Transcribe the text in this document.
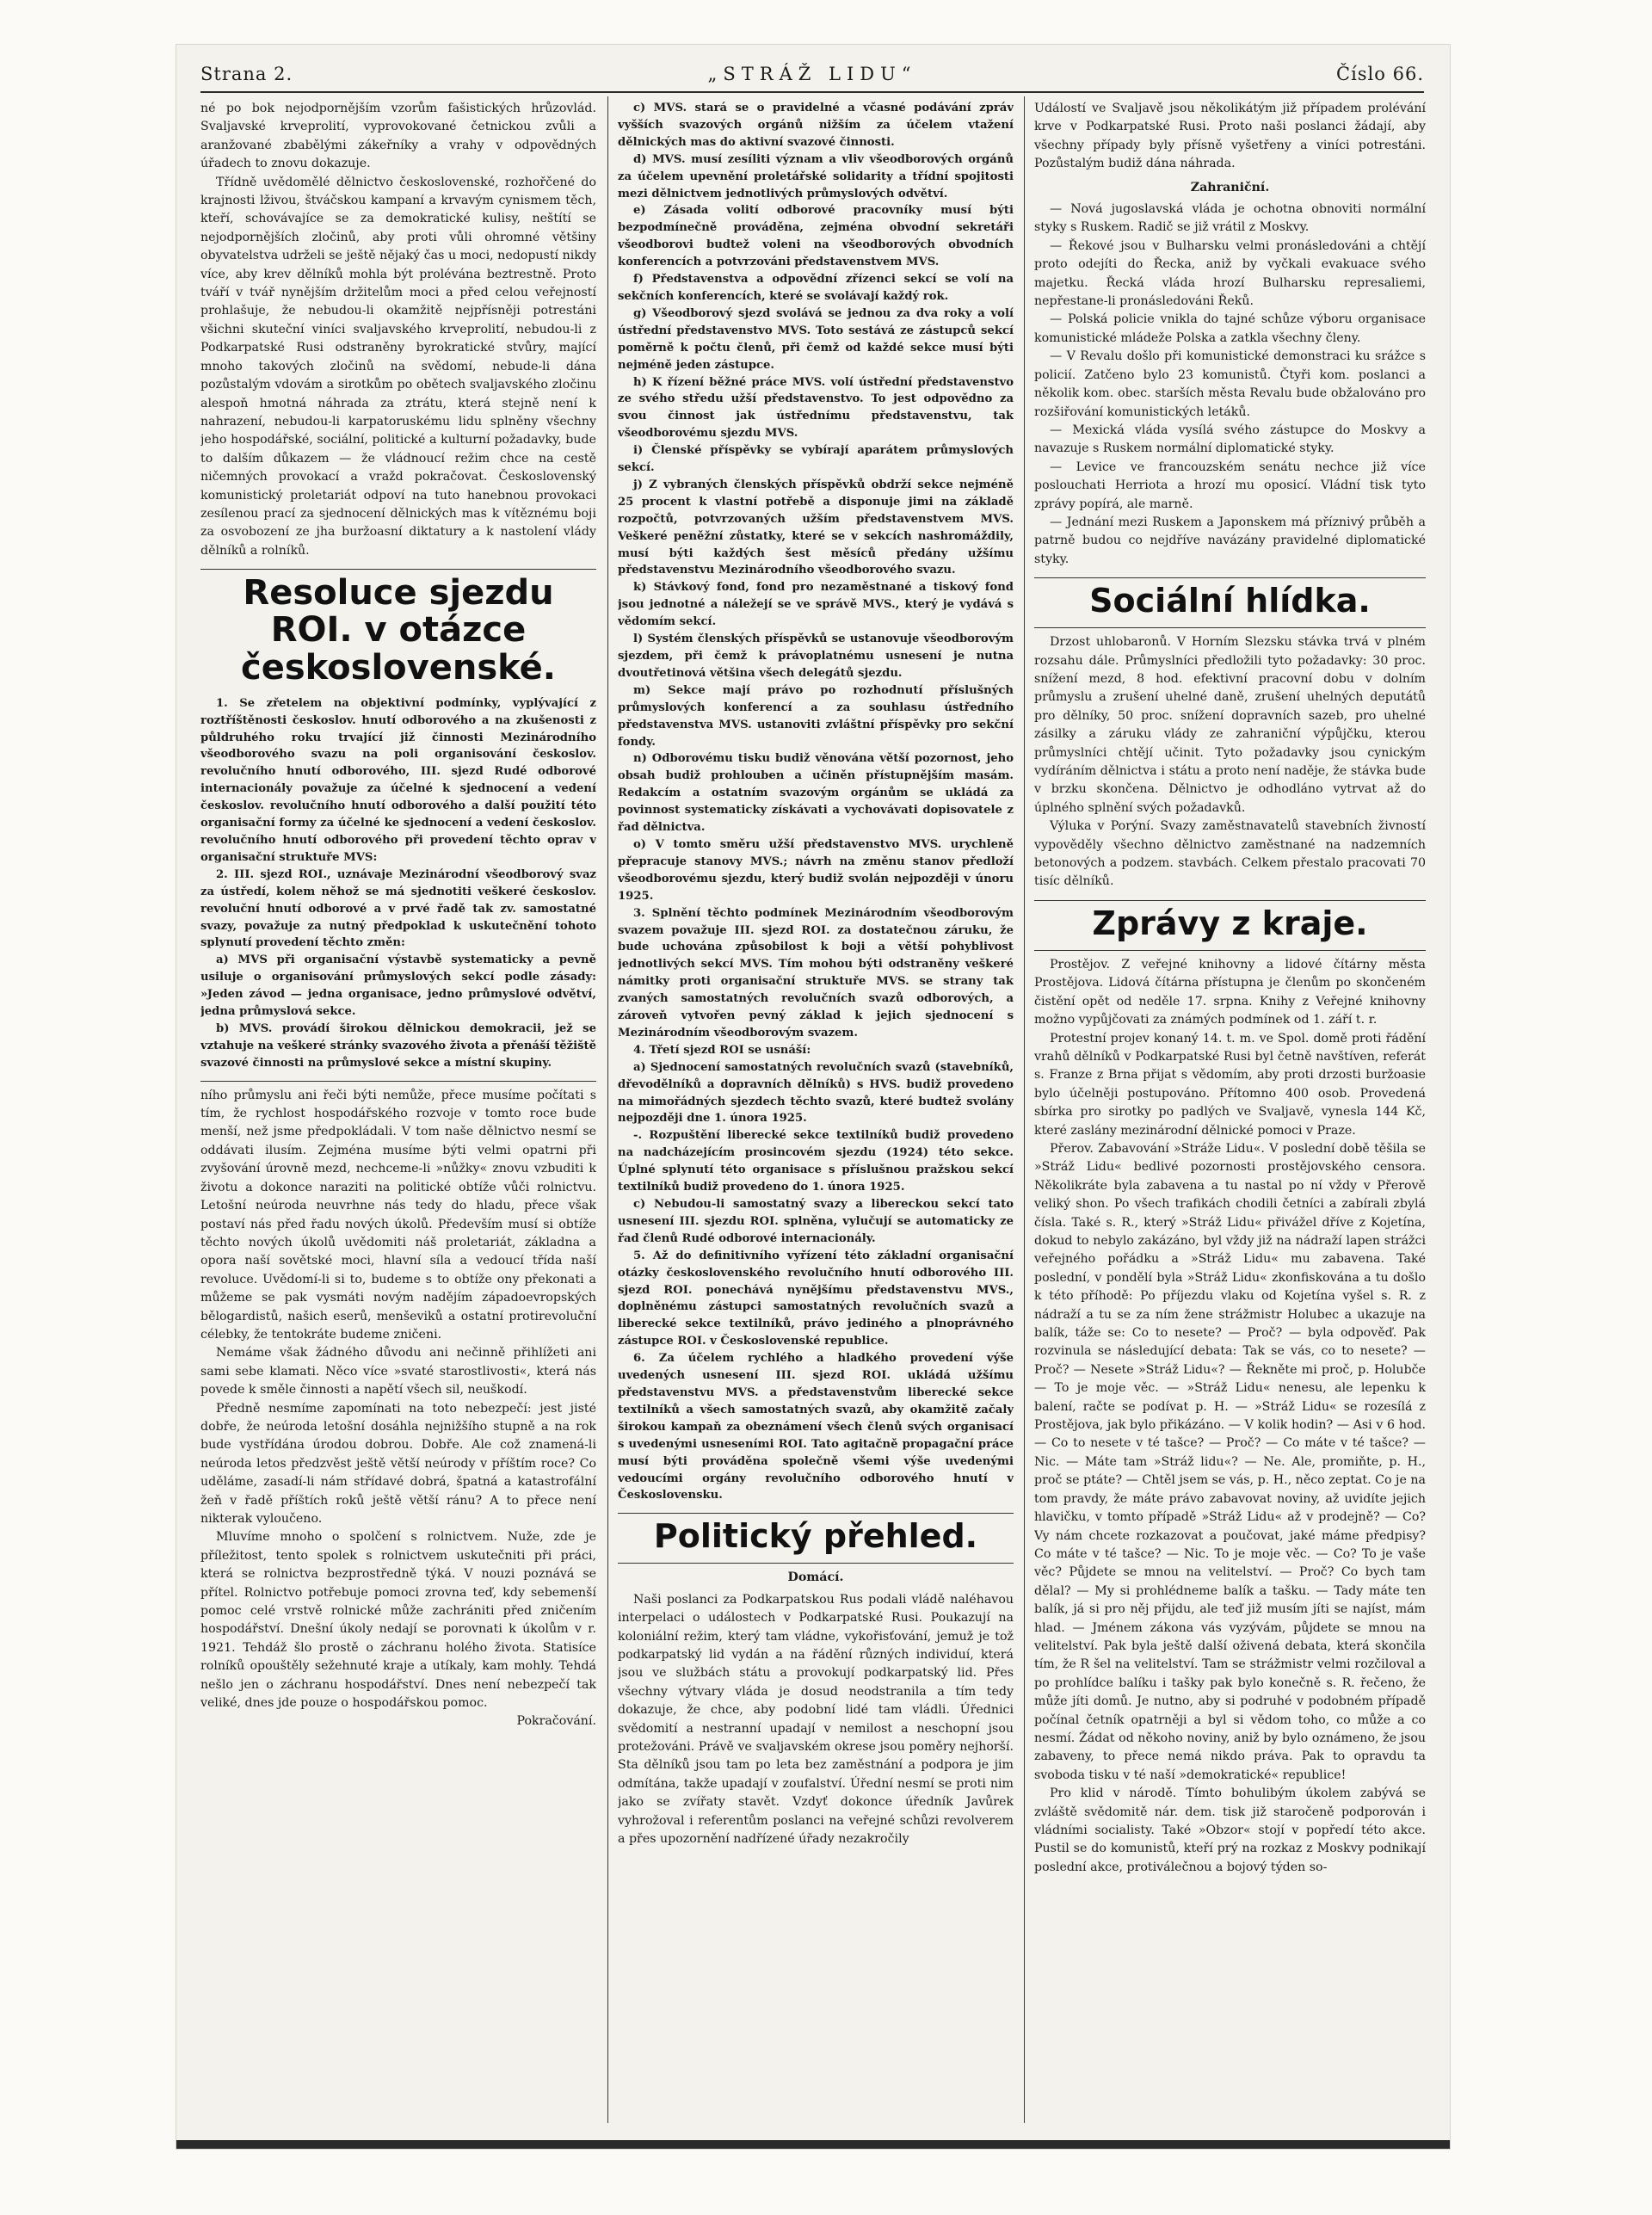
Strana 2.	„STRÁŽ LIDU“	Číslo 66.

né po bok nejodpornějším vzorům fašistických hrůzovlád. Svaljavské krveprolití, vyprovokované četnickou zvůli a aranžované zbabělými zákeřníky a vrahy v odpovědných úřadech to znovu dokazuje.

Třídně uvědomělé dělnictvo československé, rozhořčené do krajnosti lživou, štváčskou kampaní a krvavým cynismem těch, kteří, schovávajíce se za demokratické kulisy, neštítí se nejodpornějších zločinů, aby proti vůli ohromné většiny obyvatelstva udrželi se ještě nějaký čas u moci, nedopustí nikdy více, aby krev dělníků mohla být prolévána beztrestně. Proto tváří v tvář nynějším držitelům moci a před celou veřejností prohlašuje, že nebudou-li okamžitě nejpřísněji potrestáni všichni skuteční viníci svaljavského krveprolití, nebudou-li z Podkarpatské Rusi odstraněny byrokratické stvůry, mající mnoho takových zločinů na svědomí, nebude-li dána pozůstalým vdovám a sirotkům po obětech svaljavského zločinu alespoň hmotná náhrada za ztrátu, která stejně není k nahrazení, nebudou-li karpatoruskému lidu splněny všechny jeho hospodářské, sociální, politické a kulturní požadavky, bude to dalším důkazem — že vládnoucí režim chce na cestě ničemných provokací a vražd pokračovat. Československý komunistický proletariát odpoví na tuto hanebnou provokaci zesílenou prací za sjednocení dělnických mas k vítěznému boji za osvobození ze jha buržoasní diktatury a k nastolení vlády dělníků a rolníků.

Resoluce sjezdu ROI. v otázce československé.

1. Se zřetelem na objektivní podmínky, vyplývající z roztříštěnosti českoslov. hnutí odborového a na zkušenosti z půldruhého roku trvající již činnosti Mezinárodního všeodborového svazu na poli organisování českoslov. revolučního hnutí odborového, III. sjezd Rudé odborové internacionály považuje za účelné k sjednocení a vedení českoslov. revolučního hnutí odborového a další použití této organisační formy za účelné ke sjednocení a vedení českoslov. revolučního hnutí odborového při provedení těchto oprav v organisační struktuře MVS:

2. III. sjezd ROI., uznávaje Mezinárodní všeodborový svaz za ústředí, kolem něhož se má sjednotiti veškeré českoslov. revoluční hnutí odborové a v prvé řadě tak zv. samostatné svazy, považuje za nutný předpoklad k uskutečnění tohoto splynutí provedení těchto změn:

a) MVS při organisační výstavbě systematicky a pevně usiluje o organisování průmyslových sekcí podle zásady: »Jeden závod — jedna organisace, jedno průmyslové odvětví, jedna průmyslová sekce.

b) MVS. provádí širokou dělnickou demokracii, jež se vztahuje na veškeré stránky svazového života a přenáší těžiště svazové činnosti na průmyslové sekce a místní skupiny.

ního průmyslu ani řeči býti nemůže, přece musíme počítati s tím, že rychlost hospodářského rozvoje v tomto roce bude menší, než jsme předpokládali. V tom naše dělnictvo nesmí se oddávati ilusím. Zejména musíme býti velmi opatrni při zvyšování úrovně mezd, nechceme-li »nůžky« znovu vzbuditi k životu a dokonce naraziti na politické obtíže vůči rolnictvu. Letošní neúroda neuvrhne nás tedy do hladu, přece však postaví nás před řadu nových úkolů. Především musí si obtíže těchto nových úkolů uvědomiti náš proletariát, základna a opora naší sovětské moci, hlavní síla a vedoucí třída naší revoluce. Uvědomí-li si to, budeme s to obtíže ony překonati a můžeme se pak vysmáti novým nadějím západoevropských bělogardistů, našich eserů, menševiků a ostatní protirevoluční célebky, že tentokráte budeme zničeni.

Nemáme však žádného důvodu ani nečinně přihlížeti ani sami sebe klamati. Něco více »svaté starostlivosti«, která nás povede k směle činnosti a napětí všech sil, neuškodí.

Předně nesmíme zapomínati na toto nebezpečí: jest jisté dobře, že neúroda letošní dosáhla nejnižšího stupně a na rok bude vystřídána úrodou dobrou. Dobře. Ale což znamená-li neúroda letos předzvěst ještě větší neúrody v příštím roce? Co uděláme, zasadí-li nám střídavé dobrá, špatná a katastrofální žeň v řadě příštích roků ještě větší ránu? A to přece není nikterak vyloučeno.

Mluvíme mnoho o spolčení s rolnictvem. Nuže, zde je příležitost, tento spolek s rolnictvem uskutečniti při práci, která se rolnictva bezprostředně týká. V nouzi poznává se přítel. Rolnictvo potřebuje pomoci zrovna teď, kdy sebemenší pomoc celé vrstvě rolnické může zachrániti před zničením hospodářství. Dnešní úkoly nedají se porovnati k úkolům v r. 1921. Tehdáž šlo prostě o záchranu holého života. Statisíce rolníků opouštěly sežehnuté kraje a utíkaly, kam mohly. Tehdá nešlo jen o záchranu hospodářství. Dnes není nebezpečí tak veliké, dnes jde pouze o hospodářskou pomoc.

Pokračování.

c) MVS. stará se o pravidelné a včasné podávání zpráv vyšších svazových orgánů nižším za účelem vtažení dělnických mas do aktivní svazové činnosti.

d) MVS. musí zesíliti význam a vliv všeodborových orgánů za účelem upevnění proletářské solidarity a třídní spojitosti mezi dělnictvem jednotlivých průmyslových odvětví.

e) Zásada volití odborové pracovníky musí býti bezpodmínečně prováděna, zejména obvodní sekretáři všeodborovi budtež voleni na všeodborových obvodních konferencích a potvrzováni představenstvem MVS.

f) Představenstva a odpovědní zřízenci sekcí se volí na sekčních konferencích, které se svolávají každý rok.

g) Všeodborový sjezd svolává se jednou za dva roky a volí ústřední představenstvo MVS. Toto sestává ze zástupců sekcí poměrně k počtu členů, při čemž od každé sekce musí býti nejméně jeden zástupce.

h) K řízení běžné práce MVS. volí ústřední představenstvo ze svého středu užší představenstvo. To jest odpovědno za svou činnost jak ústřednímu představenstvu, tak všeodborovému sjezdu MVS.

i) Členské příspěvky se vybírají aparátem průmyslových sekcí.

j) Z vybraných členských příspěvků obdrží sekce nejméně 25 procent k vlastní potřebě a disponuje jimi na základě rozpočtů, potvrzovaných užším představenstvem MVS. Veškeré peněžní zůstatky, které se v sekcích nashromáždily, musí býti každých šest měsíců předány užšímu představenstvu Mezinárodního všeodborového svazu.

k) Stávkový fond, fond pro nezaměstnané a tiskový fond jsou jednotné a náležejí se ve správě MVS., který je vydává s vědomím sekcí.

l) Systém členských příspěvků se ustanovuje všeodborovým sjezdem, při čemž k právoplatnému usnesení je nutna dvoutřetinová většina všech delegátů sjezdu.

m) Sekce mají právo po rozhodnutí příslušných průmyslových konferencí a za souhlasu ústředního představenstva MVS. ustanoviti zvláštní příspěvky pro sekční fondy.

n) Odborovému tisku budiž věnována větší pozornost, jeho obsah budiž prohlouben a učiněn přístupnějším masám. Redakcím a ostatním svazovým orgánům se ukládá za povinnost systematicky získávati a vychovávati dopisovatele z řad dělnictva.

o) V tomto směru užší představenstvo MVS. urychleně přepracuje stanovy MVS.; návrh na změnu stanov předloží všeodborovému sjezdu, který budiž svolán nejpozději v únoru 1925.

3. Splnění těchto podmínek Mezinárodním všeodborovým svazem považuje III. sjezd ROI. za dostatečnou záruku, že bude uchována způsobilost k boji a větší pohyblivost jednotlivých sekcí MVS. Tím mohou býti odstraněny veškeré námitky proti organisační struktuře MVS. se strany tak zvaných samostatných revolučních svazů odborových, a zároveň vytvořen pevný základ k jejich sjednocení s Mezinárodním všeodborovým svazem.

4. Třetí sjezd ROI se usnáší:

a) Sjednocení samostatných revolučních svazů (stavebníků, dřevodělníků a dopravních dělníků) s HVS. budiž provedeno na mimořádných sjezdech těchto svazů, které budtež svolány nejpozději dne 1. února 1925.

-. Rozpuštění liberecké sekce textilníků budiž provedeno na nadcházejícím prosincovém sjezdu (1924) této sekce. Úplné splynutí této organisace s příslušnou pražskou sekcí textilníků budiž provedeno do 1. února 1925.

c) Nebudou-li samostatný svazy a libereckou sekcí tato usnesení III. sjezdu ROI. splněna, vylučují se automaticky ze řad členů Rudé odborové internacionály.

5. Až do definitivního vyřízení této základní organisační otázky československého revolučního hnutí odborového III. sjezd ROI. ponechává nynějšímu představenstvu MVS., doplněnému zástupci samostatných revolučních svazů a liberecké sekce textilníků, právo jediného a plnoprávného zástupce ROI. v Československé republice.

6. Za účelem rychlého a hladkého provedení výše uvedených usnesení III. sjezd ROI. ukládá užšímu představenstvu MVS. a představenstvům liberecké sekce textilníků a všech samostatných svazů, aby okamžitě začaly širokou kampaň za obeznámení všech členů svých organisací s uvedenými usneseními ROI. Tato agitačně propagační práce musí býti prováděna společně všemi výše uvedenými vedoucími orgány revolučního odborového hnutí v Československu.

Politický přehled.
Domácí.

Naši poslanci za Podkarpatskou Rus podali vládě naléhavou interpelaci o událostech v Podkarpatské Rusi. Poukazují na koloniální režim, který tam vládne, vykořisťování, jemuž je tož podkarpatský lid vydán a na řádění různých individuí, která jsou ve službách státu a provokují podkarpatský lid. Přes všechny výtvary vláda je dosud neodstranila a tím tedy dokazuje, že chce, aby podobní lidé tam vládli. Úřednici svědomití a nestranní upadají v nemilost a neschopní jsou protežováni. Právě ve svaljavském okrese jsou poměry nejhorší. Sta dělníků jsou tam po leta bez zaměstnání a podpora je jim odmítána, takže upadají v zoufalství. Úřední nesmí se proti nim jako se zvířaty stavět. Vzdyť dokonce úředník Javůrek vyhrožoval i referentům poslanci na veřejné schůzi revolverem a přes upozornění nadřízené úřady nezakročily

Událostí ve Svaljavě jsou několikátým již případem prolévání krve v Podkarpatské Rusi. Proto naši poslanci žádají, aby všechny případy byly přísně vyšetřeny a viníci potrestáni. Pozůstalým budiž dána náhrada.

Zahraniční.

— Nová jugoslavská vláda je ochotna obnoviti normální styky s Ruskem. Radič se již vrátil z Moskvy.

— Řekové jsou v Bulharsku velmi pronásledováni a chtějí proto odejíti do Řecka, aniž by vyčkali evakuace svého majetku. Řecká vláda hrozí Bulharsku represaliemi, nepřestane-li pronásledováni Řeků.

— Polská policie vnikla do tajné schůze výboru organisace komunistické mládeže Polska a zatkla všechny členy.

— V Revalu došlo při komunistické demonstraci ku srážce s policií. Zatčeno bylo 23 komunistů. Čtyři kom. poslanci a několik kom. obec. starších města Revalu bude obžalováno pro rozšiřování komunistických letáků.

— Mexická vláda vysílá svého zástupce do Moskvy a navazuje s Ruskem normální diplomatické styky.

— Levice ve francouzském senátu nechce již více poslouchati Herriota a hrozí mu oposicí. Vládní tisk tyto zprávy popírá, ale marně.

— Jednání mezi Ruskem a Japonskem má příznivý průběh a patrně budou co nejdříve navázány pravidelné diplomatické styky.

Sociální hlídka.

Drzost uhlobaronů. V Horním Slezsku stávka trvá v plném rozsahu dále. Průmyslníci předložili tyto požadavky: 30 proc. snížení mezd, 8 hod. efektivní pracovní dobu v dolním průmyslu a zrušení uhelné daně, zrušení uhelných deputátů pro dělníky, 50 proc. snížení dopravních sazeb, pro uhelné zásilky a záruku vlády ze zahraniční výpůjčku, kterou průmyslníci chtějí učinit. Tyto požadavky jsou cynickým vydíráním dělnictva i státu a proto není naděje, že stávka bude v brzku skončena. Dělnictvo je odhodláno vytrvat až do úplného splnění svých požadavků.

Výluka v Porýní. Svazy zaměstnavatelů stavebních živností vypověděly všechno dělnictvo zaměstnané na nadzemních betonových a podzem. stavbách. Celkem přestalo pracovati 70 tisíc dělníků.

Zprávy z kraje.

Prostějov. Z veřejné knihovny a lidové čítárny města Prostějova. Lidová čítárna přístupna je členům po skončeném čistění opět od neděle 17. srpna. Knihy z Veřejné knihovny možno vypůjčovati za známých podmínek od 1. září t. r.

Protestní projev konaný 14. t. m. ve Spol. domě proti řádění vrahů dělníků v Podkarpatské Rusi byl četně navštíven, referát s. Franze z Brna přijat s vědomím, aby proti drzosti buržoasie bylo účelněji postupováno. Přítomno 400 osob. Provedená sbírka pro sirotky po padlých ve Svaljavě, vynesla 144 Kč, které zaslány mezinárodní dělnické pomoci v Praze.

Přerov. Zabavování »Stráže Lidu«. V poslední době těšila se »Stráž Lidu« bedlivé pozornosti prostějovského censora. Několikráte byla zabavena a tu nastal po ní vždy v Přerově veliký shon. Po všech trafikách chodili četníci a zabírali zbylá čísla. Také s. R., který »Stráž Lidu« přivážel dříve z Kojetína, dokud to nebylo zakázáno, byl vždy již na nádraží lapen strážci veřejného pořádku a »Stráž Lidu« mu zabavena. Také poslední, v pondělí byla »Stráž Lidu« zkonfiskována a tu došlo k této příhodě: Po příjezdu vlaku od Kojetína vyšel s. R. z nádraží a tu se za ním žene strážmistr Holubec a ukazuje na balík, táže se: Co to nesete? — Proč? — byla odpověď. Pak rozvinula se následující debata: Tak se vás, co to nesete? — Proč? — Nesete »Stráž Lidu«? — Řekněte mi proč, p. Holubče — To je moje věc. — »Stráž Lidu« nenesu, ale lepenku k balení, račte se podívat p. H. — »Stráž Lidu« se rozesílá z Prostějova, jak bylo přikázáno. — V kolik hodin? — Asi v 6 hod. — Co to nesete v té tašce? — Proč? — Co máte v té tašce? — Nic. — Máte tam »Stráž lidu«? — Ne. Ale, promiňte, p. H., proč se ptáte? — Chtěl jsem se vás, p. H., něco zeptat. Co je na tom pravdy, že máte právo zabavovat noviny, až uvidíte jejich hlavičku, v tomto případě »Stráž Lidu« až v prodejně? — Co? Vy nám chcete rozkazovat a poučovat, jaké máme předpisy? Co máte v té tašce? — Nic. To je moje věc. — Co? To je vaše věc? Půjdete se mnou na velitelství. — Proč? Co bych tam dělal? — My si prohlédneme balík a tašku. — Tady máte ten balík, já si pro něj přijdu, ale teď již musím jíti se najíst, mám hlad. — Jménem zákona vás vyzývám, půjdete se mnou na velitelství. Pak byla ještě další oživená debata, která skončila tím, že R šel na velitelství. Tam se strážmistr velmi rozčiloval a po prohlídce balíku i tašky pak bylo konečně s. R. řečeno, že může jíti domů. Je nutno, aby si podruhé v podobném případě počínal četník opatrněji a byl si vědom toho, co může a co nesmí. Žádat od někoho noviny, aniž by bylo oznámeno, že jsou zabaveny, to přece nemá nikdo práva. Pak to opravdu ta svoboda tisku v té naší »demokratické« republice!

Pro klid v národě. Tímto bohulibým úkolem zabývá se zvláště svědomitě nár. dem. tisk již staročeně podporován i vládními socialisty. Také »Obzor« stojí v popředí této akce. Pustil se do komunistů, kteří prý na rozkaz z Moskvy podnikají poslední akce, protiválečnou a bojový týden so-
